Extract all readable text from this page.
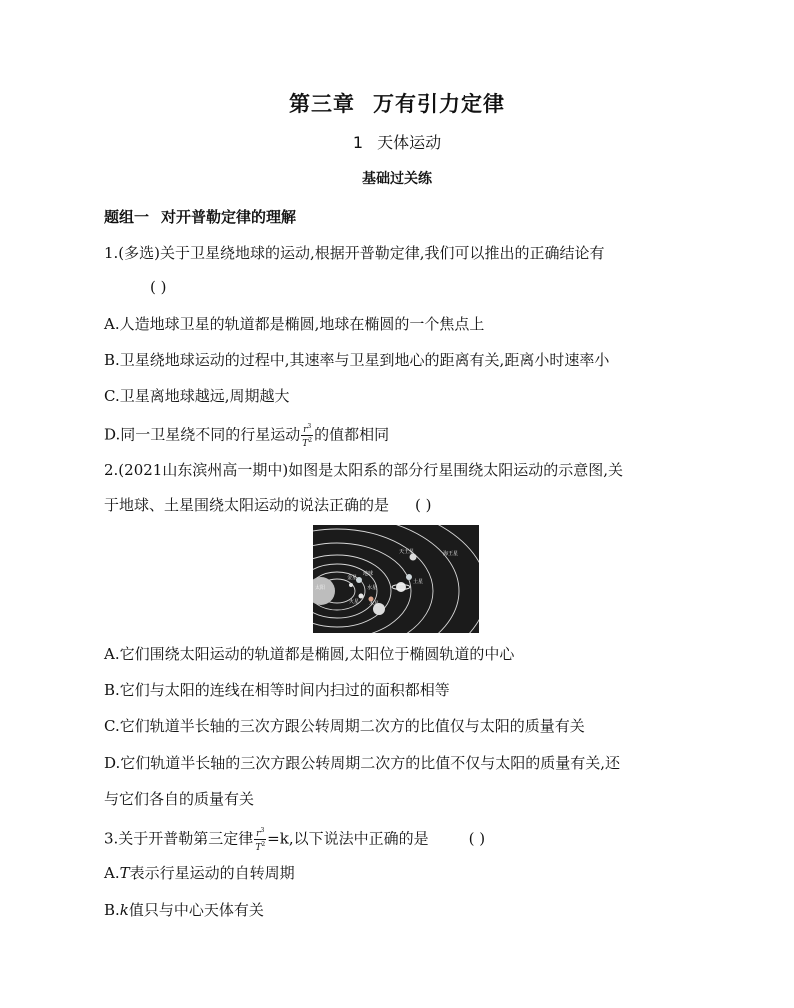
第三章 万有引力定律
1 天体运动
基础过关练
题组一 对开普勒定律的理解
1.(多选)关于卫星绕地球的运动,根据开普勒定律,我们可以推出的正确结论有
( )
A.人造地球卫星的轨道都是椭圆,地球在椭圆的一个焦点上
B.卫星绕地球运动的过程中,其速率与卫星到地心的距离有关,距离小时速率小
C.卫星离地球越远,周期越大
D.同一卫星绕不同的行星运动 $\frac{r^3}{T^2}$ 的值都相同
2.(2021山东滨州高一期中)如图是太阳系的部分行星围绕太阳运动的示意图,关
于地球、土星围绕太阳运动的说法正确的是 ( )
太阳
金星
地球
火星
水星
木星
土星
天王星	海王星
A.它们围绕太阳运动的轨道都是椭圆,太阳位于椭圆轨道的中心
B.它们与太阳的连线在相等时间内扫过的面积都相等
C.它们轨道半长轴的三次方跟公转周期二次方的比值仅与太阳的质量有关
D.它们轨道半长轴的三次方跟公转周期二次方的比值不仅与太阳的质量有关,还
与它们各自的质量有关
3.关于开普勒第三定律 $\frac{r^3}{T^2} =k$,以下说法中正确的是	( )
A.T表示行星运动的自转周期
B.k值只与中心天体有关
